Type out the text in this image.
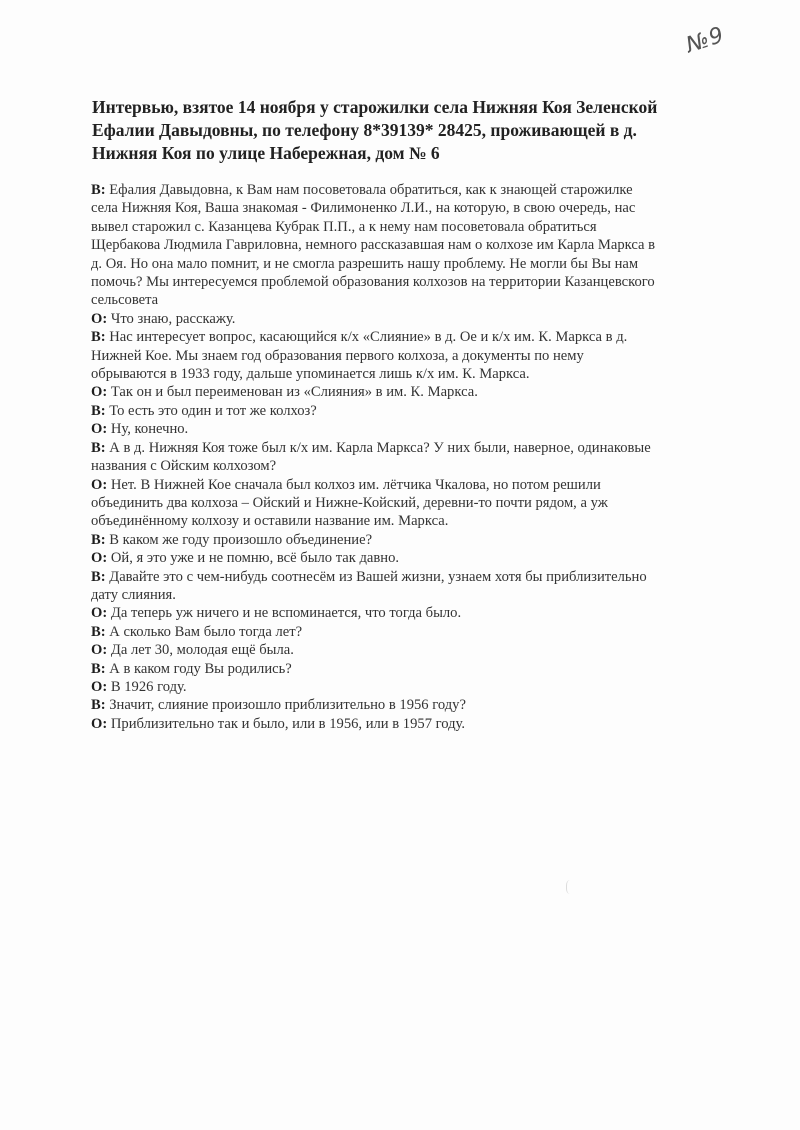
№9
Интервью, взятое 14 ноября у старожилки села Нижняя Коя Зеленской
Ефалии Давыдовны, по телефону 8*39139* 28425, проживающей в д.
Нижняя Коя по улице Набережная, дом № 6
В: Ефалия Давыдовна, к Вам нам посоветовала обратиться, как к знающей старожилке
села Нижняя Коя, Ваша знакомая - Филимоненко Л.И., на которую, в свою очередь, нас
вывел старожил с. Казанцева Кубрак П.П., а к нему нам посоветовала обратиться
Щербакова Людмила Гавриловна, немного рассказавшая нам о колхозе им Карла Маркса в
д. Оя. Но она мало помнит, и не смогла разрешить нашу проблему. Не могли бы Вы нам
помочь? Мы интересуемся проблемой образования колхозов на территории Казанцевского
сельсовета
О: Что знаю, расскажу.
В: Нас интересует вопрос, касающийся к/х «Слияние» в д. Ое и к/х им. К. Маркса в д.
Нижней Кое. Мы знаем год образования первого колхоза, а документы по нему
обрываются в 1933 году, дальше упоминается лишь к/х им. К. Маркса.
О: Так он и был переименован из «Слияния» в им. К. Маркса.
В: То есть это один и тот же колхоз?
О: Ну, конечно.
В: А в д. Нижняя Коя тоже был к/х им. Карла Маркса? У них были, наверное, одинаковые
названия с Ойским колхозом?
О: Нет. В Нижней Кое сначала был колхоз им. лётчика Чкалова, но потом решили
объединить два колхоза – Ойский и Нижне-Койский, деревни-то почти рядом, а уж
объединённому колхозу и оставили название им. Маркса.
В: В каком же году произошло объединение?
О: Ой, я это уже и не помню, всё было так давно.
В: Давайте это с чем-нибудь соотнесём из Вашей жизни, узнаем хотя бы приблизительно
дату слияния.
О: Да теперь уж ничего и не вспоминается, что тогда было.
В: А сколько Вам было тогда лет?
О: Да лет 30, молодая ещё была.
В: А в каком году Вы родились?
О: В 1926 году.
В: Значит, слияние произошло приблизительно в 1956 году?
О: Приблизительно так и было, или в 1956, или в 1957 году.
